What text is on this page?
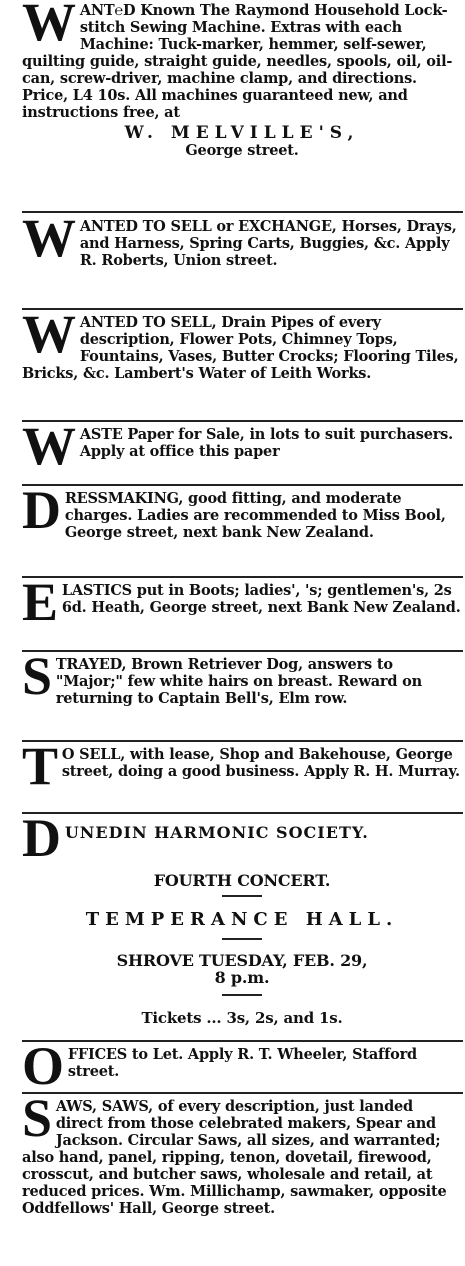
W ANT℮D Known The Raymond Household Lock-stitch Sewing Machine. Extras with each Machine: Tuck-marker, hemmer, self-sewer, quilting guide, straight guide, needles, spools, oil, oil-can, screw-driver, machine clamp, and directions. Price, L4 10s. All machines guaranteed new, and instructions free, at

W. MELVILLE'S,
George street.
W ANTED TO SELL or EXCHANGE, Horses, Drays, and Harness, Spring Carts, Buggies, &c. Apply R. Roberts, Union street.

W ANTED TO SELL, Drain Pipes of every description, Flower Pots, Chimney Tops, Fountains, Vases, Butter Crocks; Flooring Tiles, Bricks, &c. Lambert's Water of Leith Works.

W ASTE Paper for Sale, in lots to suit purchasers. Apply at office this paper

D RESSMAKING, good fitting, and moderate charges. Ladies are recommended to Miss Bool, George street, next bank New Zealand.

E LASTICS put in Boots; ladies', 's; gentlemen's, 2s 6d. Heath, George street, next Bank New Zealand.

S TRAYED, Brown Retriever Dog, answers to "Major;" few white hairs on breast. Reward on returning to Captain Bell's, Elm row.

T O SELL, with lease, Shop and Bakehouse, George street, doing a good business. Apply R. H. Murray.

D UNEDIN HARMONIC SOCIETY.
FOURTH CONCERT.
TEMPERANCE HALL.
SHROVE TUESDAY, FEB. 29,
8 p.m.
Tickets ... 3s, 2s, and 1s.
O FFICES to Let. Apply R. T. Wheeler, Stafford street.

S AWS, SAWS, of every description, just landed direct from those celebrated makers, Spear and Jackson. Circular Saws, all sizes, and warranted; also hand, panel, ripping, tenon, dovetail, firewood, crosscut, and butcher saws, wholesale and retail, at reduced prices. Wm. Millichamp, sawmaker, opposite Oddfellows' Hall, George street.
